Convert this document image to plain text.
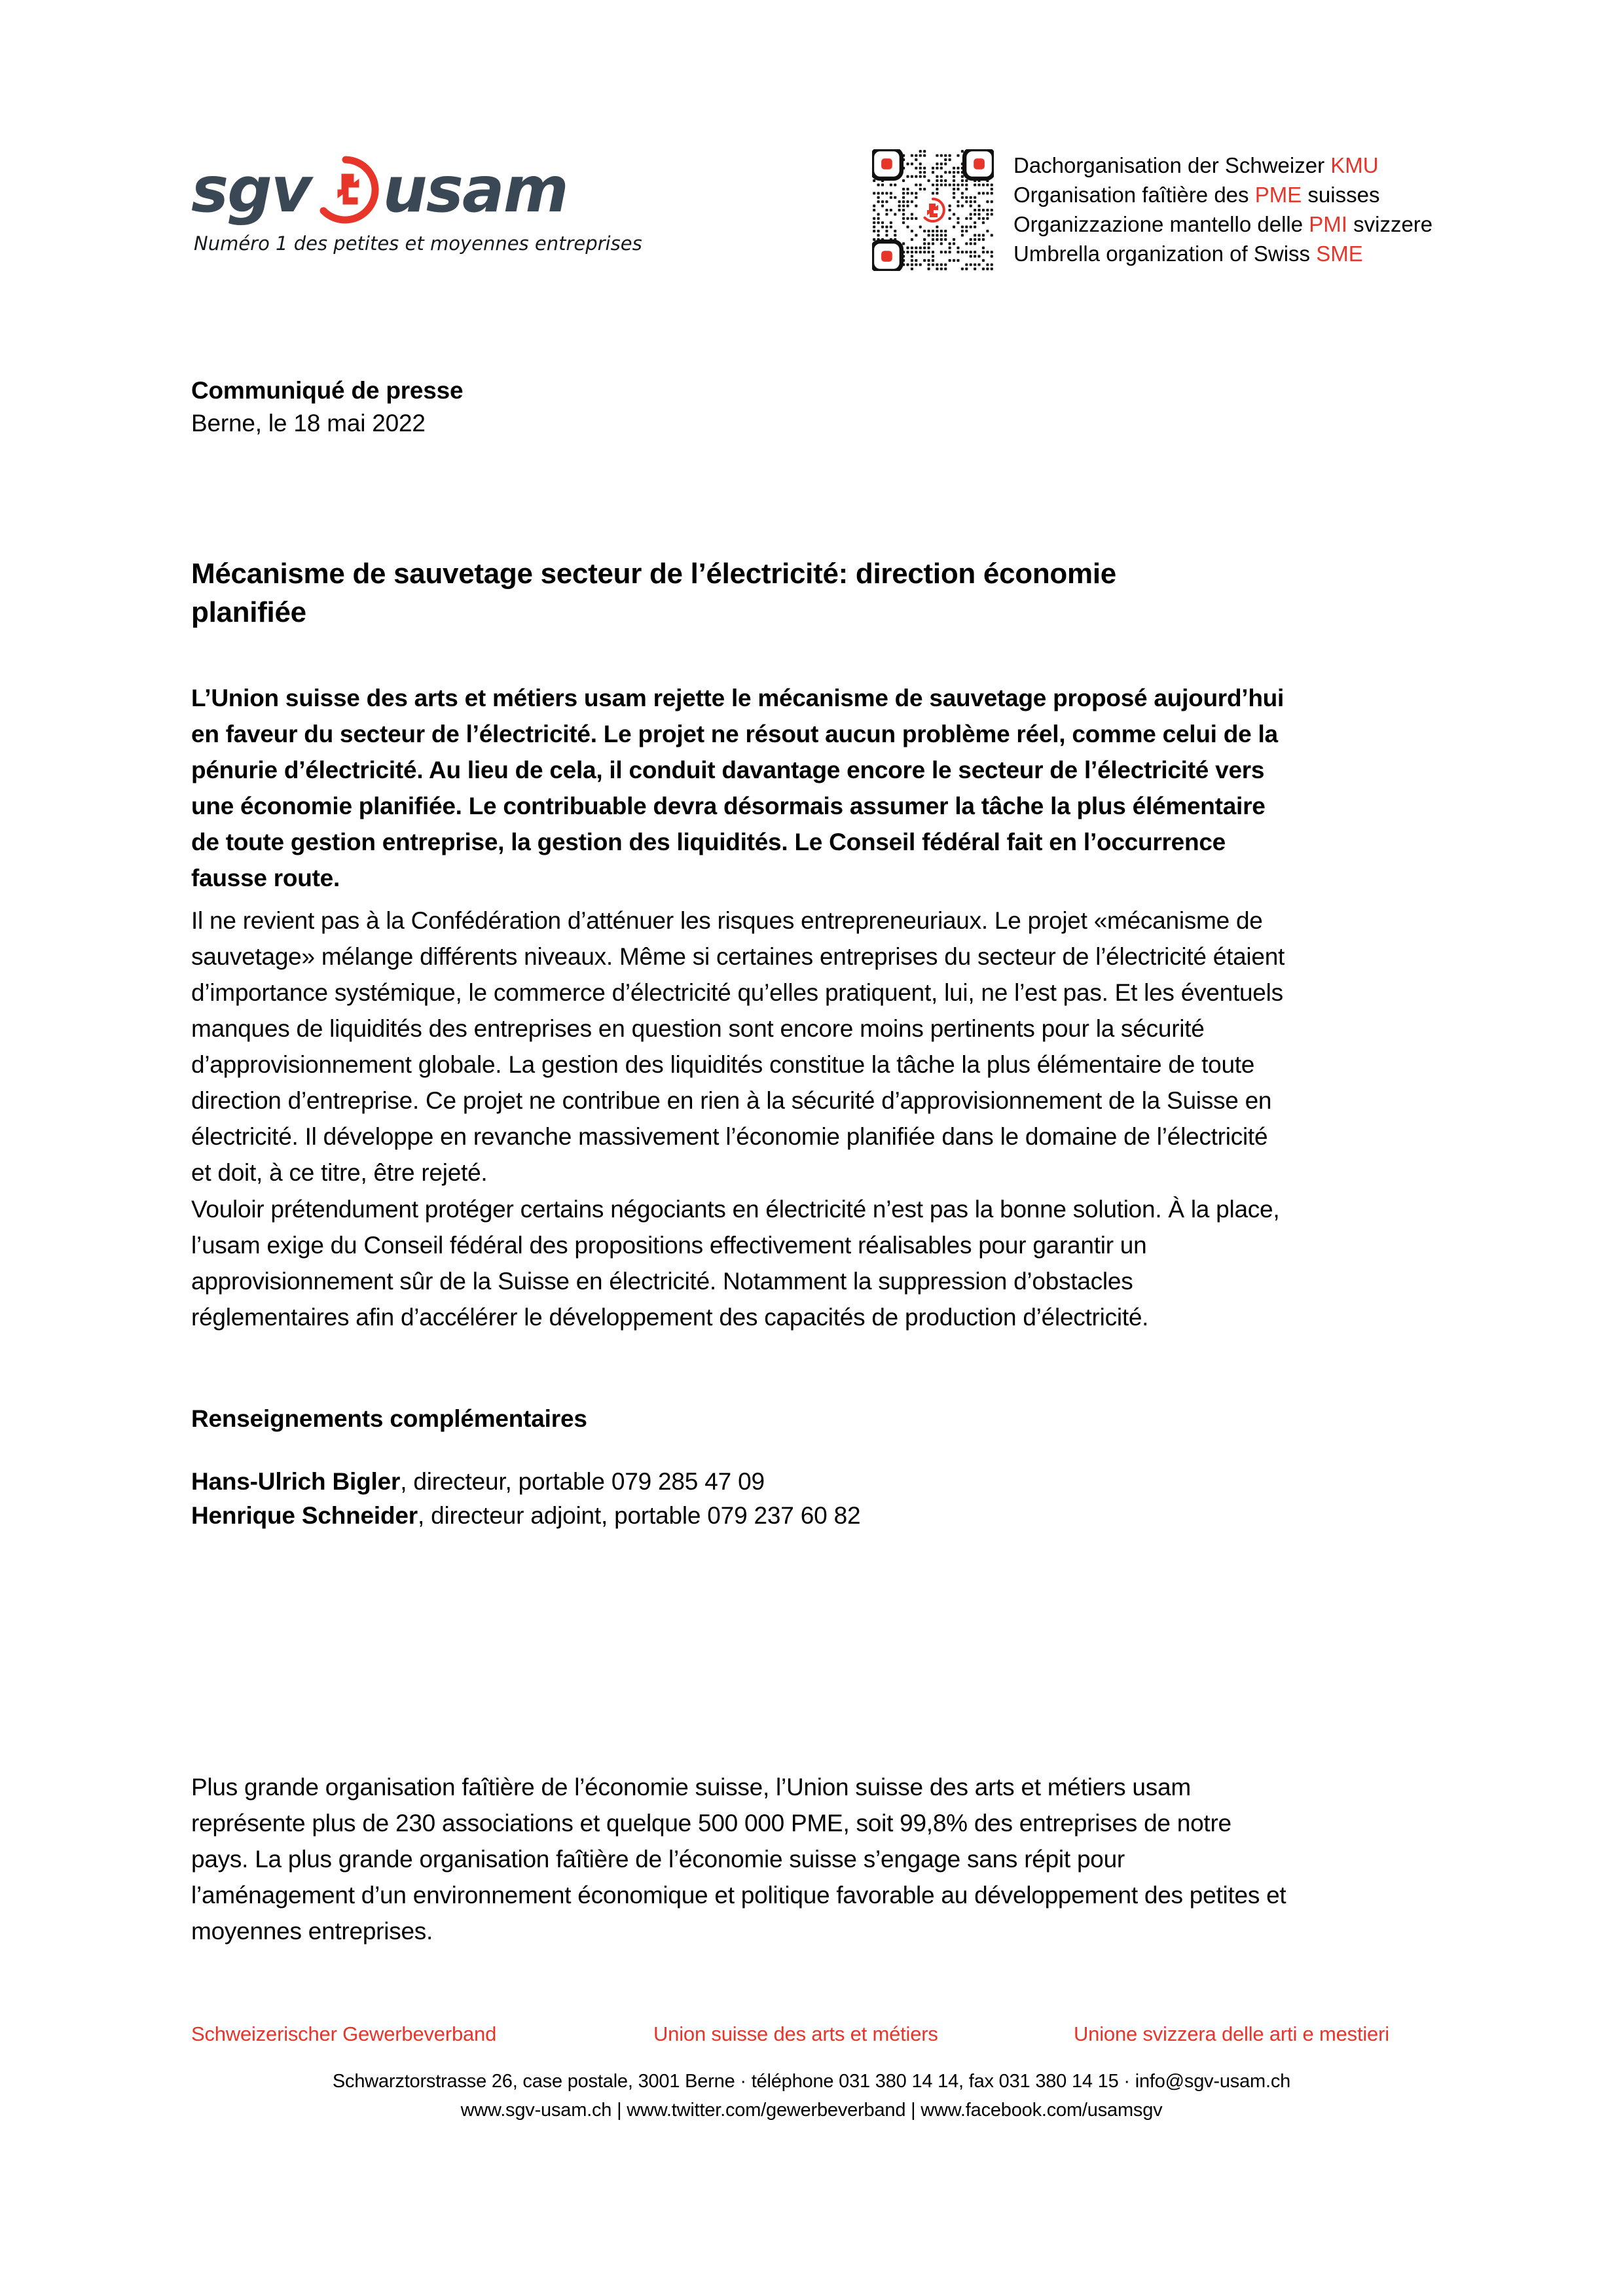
sgv usam
Numéro 1 des petites et moyennes entreprises
Dachorganisation der Schweizer KMU
Organisation faîtière des PME suisses
Organizzazione mantello delle PMI svizzere
Umbrella organization of Swiss SME
Communiqué de presse
Berne, le 18 mai 2022
Mécanisme de sauvetage secteur de l’électricité: direction économie planifiée

L’Union suisse des arts et métiers usam rejette le mécanisme de sauvetage proposé aujourd’hui en faveur du secteur de l’électricité. Le projet ne résout aucun problème réel, comme celui de la pénurie d’électricité. Au lieu de cela, il conduit davantage encore le secteur de l’électricité vers une économie planifiée. Le contribuable devra désormais assumer la tâche la plus élémentaire de toute gestion entreprise, la gestion des liquidités. Le Conseil fédéral fait en l’occurrence fausse route.

Il ne revient pas à la Confédération d’atténuer les risques entrepreneuriaux. Le projet «mécanisme de sauvetage» mélange différents niveaux. Même si certaines entreprises du secteur de l’électricité étaient d’importance systémique, le commerce d’électricité qu’elles pratiquent, lui, ne l’est pas. Et les éventuels manques de liquidités des entreprises en question sont encore moins pertinents pour la sécurité d’approvisionnement globale. La gestion des liquidités constitue la tâche la plus élémentaire de toute direction d’entreprise. Ce projet ne contribue en rien à la sécurité d’approvisionnement de la Suisse en électricité. Il développe en revanche massivement l’économie planifiée dans le domaine de l’électricité et doit, à ce titre, être rejeté.

Vouloir prétendument protéger certains négociants en électricité n’est pas la bonne solution. À la place, l’usam exige du Conseil fédéral des propositions effectivement réalisables pour garantir un approvisionnement sûr de la Suisse en électricité. Notamment la suppression d’obstacles réglementaires afin d’accélérer le développement des capacités de production d’électricité.

Renseignements complémentaires
Hans-Ulrich Bigler, directeur, portable 079 285 47 09
Henrique Schneider, directeur adjoint, portable 079 237 60 82

Plus grande organisation faîtière de l’économie suisse, l’Union suisse des arts et métiers usam représente plus de 230 associations et quelque 500 000 PME, soit 99,8% des entreprises de notre pays. La plus grande organisation faîtière de l’économie suisse s’engage sans répit pour l’aménagement d’un environnement économique et politique favorable au développement des petites et moyennes entreprises.

Schweizerischer Gewerbeverband	Union suisse des arts et métiers	Unione svizzera delle arti e mestieri
Schwarztorstrasse 26, case postale, 3001 Berne · téléphone 031 380 14 14, fax 031 380 14 15 · info@sgv-usam.ch
www.sgv-usam.ch | www.twitter.com/gewerbeverband | www.facebook.com/usamsgv
